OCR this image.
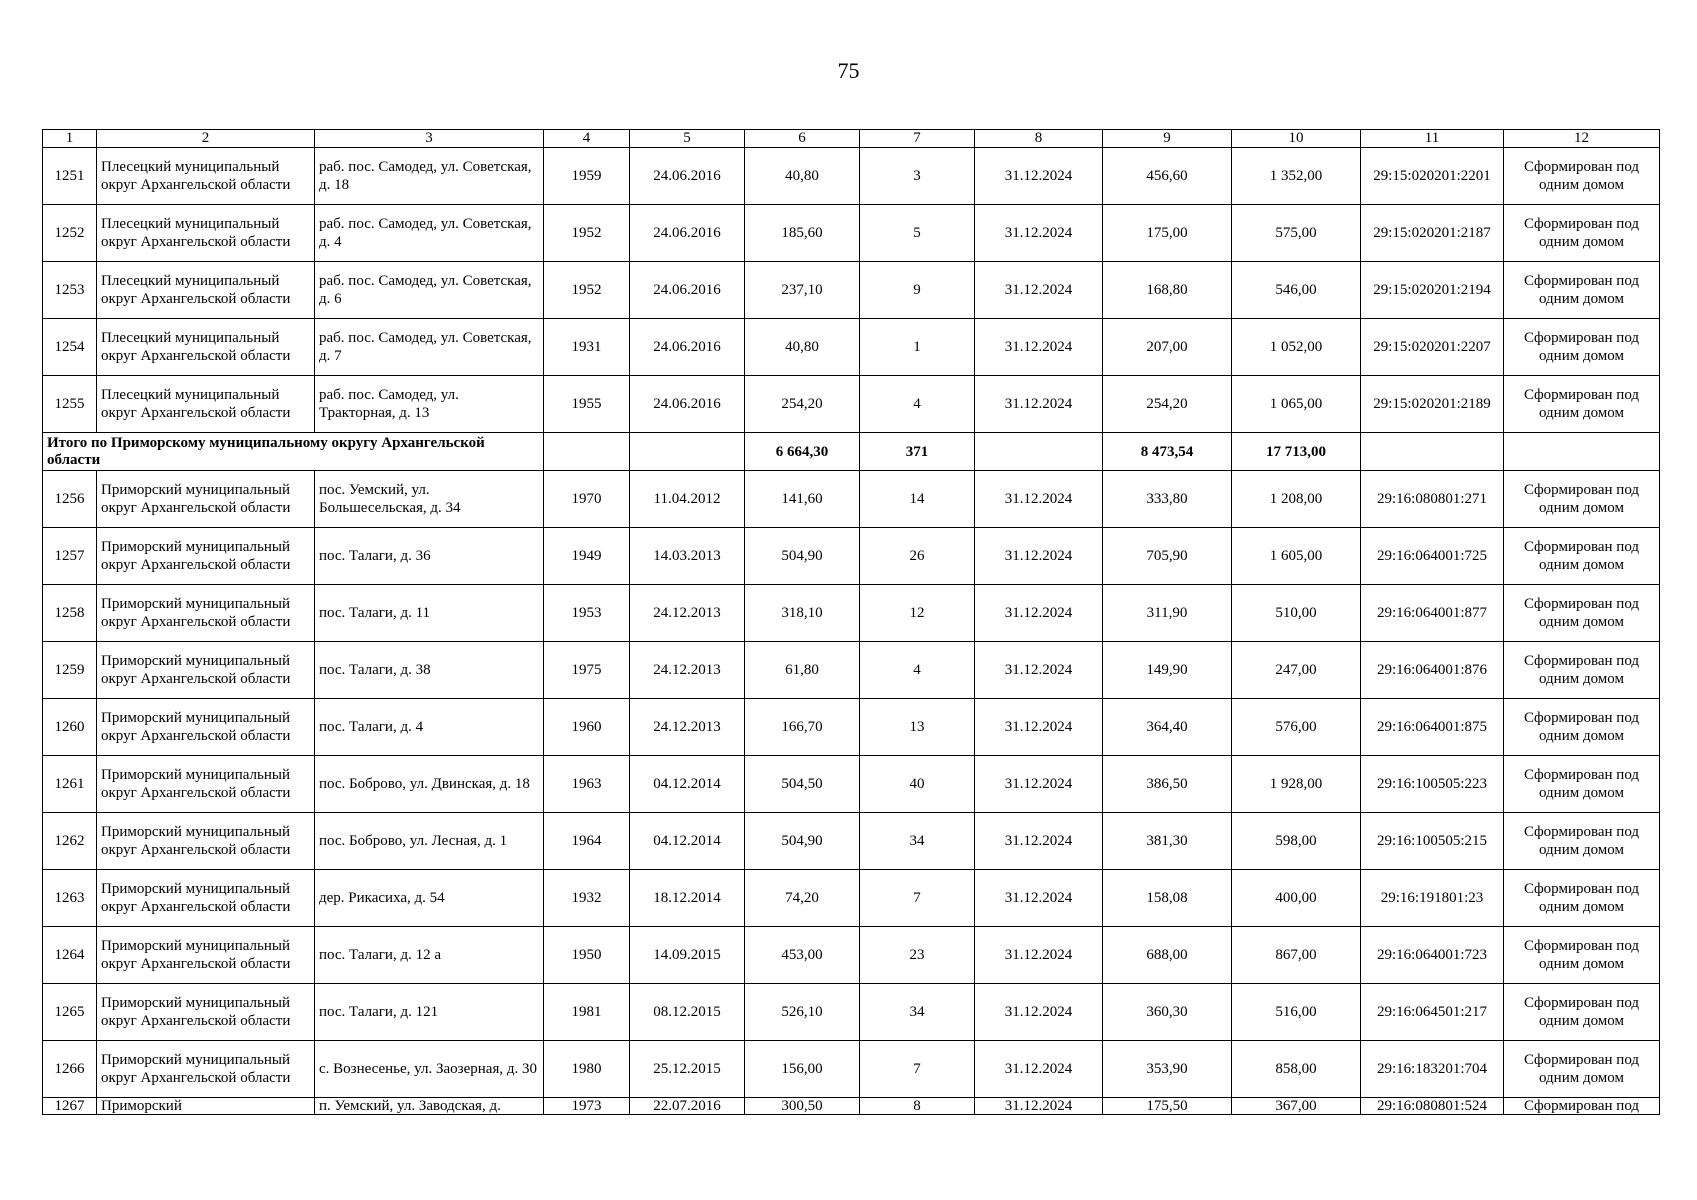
75
1	2	3	4	5	6	7	8	9	10	11	12
1251	Плесецкий муниципальный округ Архангельской области	раб. пос. Самодед, ул. Советская, д. 18	1959	24.06.2016	40,80	3	31.12.2024	456,60	1 352,00	29:15:020201:2201	Сформирован под одним домом
1252	Плесецкий муниципальный округ Архангельской области	раб. пос. Самодед, ул. Советская, д. 4	1952	24.06.2016	185,60	5	31.12.2024	175,00	575,00	29:15:020201:2187	Сформирован под одним домом
1253	Плесецкий муниципальный округ Архангельской области	раб. пос. Самодед, ул. Советская, д. 6	1952	24.06.2016	237,10	9	31.12.2024	168,80	546,00	29:15:020201:2194	Сформирован под одним домом
1254	Плесецкий муниципальный округ Архангельской области	раб. пос. Самодед, ул. Советская, д. 7	1931	24.06.2016	40,80	1	31.12.2024	207,00	1 052,00	29:15:020201:2207	Сформирован под одним домом
1255	Плесецкий муниципальный округ Архангельской области	раб. пос. Самодед, ул. Тракторная, д. 13	1955	24.06.2016	254,20	4	31.12.2024	254,20	1 065,00	29:15:020201:2189	Сформирован под одним домом
Итого по Приморскому муниципальному округу Архангельской области					6 664,30	371		8 473,54	17 713,00		
1256	Приморский муниципальный округ Архангельской области	пос. Уемский, ул. Большесельская, д. 34	1970	11.04.2012	141,60	14	31.12.2024	333,80	1 208,00	29:16:080801:271	Сформирован под одним домом
1257	Приморский муниципальный округ Архангельской области	пос. Талаги, д. 36	1949	14.03.2013	504,90	26	31.12.2024	705,90	1 605,00	29:16:064001:725	Сформирован под одним домом
1258	Приморский муниципальный округ Архангельской области	пос. Талаги, д. 11	1953	24.12.2013	318,10	12	31.12.2024	311,90	510,00	29:16:064001:877	Сформирован под одним домом
1259	Приморский муниципальный округ Архангельской области	пос. Талаги, д. 38	1975	24.12.2013	61,80	4	31.12.2024	149,90	247,00	29:16:064001:876	Сформирован под одним домом
1260	Приморский муниципальный округ Архангельской области	пос. Талаги, д. 4	1960	24.12.2013	166,70	13	31.12.2024	364,40	576,00	29:16:064001:875	Сформирован под одним домом
1261	Приморский муниципальный округ Архангельской области	пос. Боброво, ул. Двинская, д. 18	1963	04.12.2014	504,50	40	31.12.2024	386,50	1 928,00	29:16:100505:223	Сформирован под одним домом
1262	Приморский муниципальный округ Архангельской области	пос. Боброво, ул. Лесная, д. 1	1964	04.12.2014	504,90	34	31.12.2024	381,30	598,00	29:16:100505:215	Сформирован под одним домом
1263	Приморский муниципальный округ Архангельской области	дер. Рикасиха, д. 54	1932	18.12.2014	74,20	7	31.12.2024	158,08	400,00	29:16:191801:23	Сформирован под одним домом
1264	Приморский муниципальный округ Архангельской области	пос. Талаги, д. 12 а	1950	14.09.2015	453,00	23	31.12.2024	688,00	867,00	29:16:064001:723	Сформирован под одним домом
1265	Приморский муниципальный округ Архангельской области	пос. Талаги, д. 121	1981	08.12.2015	526,10	34	31.12.2024	360,30	516,00	29:16:064501:217	Сформирован под одним домом
1266	Приморский муниципальный округ Архангельской области	с. Вознесенье, ул. Заозерная, д. 30	1980	25.12.2015	156,00	7	31.12.2024	353,90	858,00	29:16:183201:704	Сформирован под одним домом

1267	Приморский	п. Уемский, ул. Заводская, д.	1973	22.07.2016	300,50	8	31.12.2024	175,50	367,00	29:16:080801:524	Сформирован под
